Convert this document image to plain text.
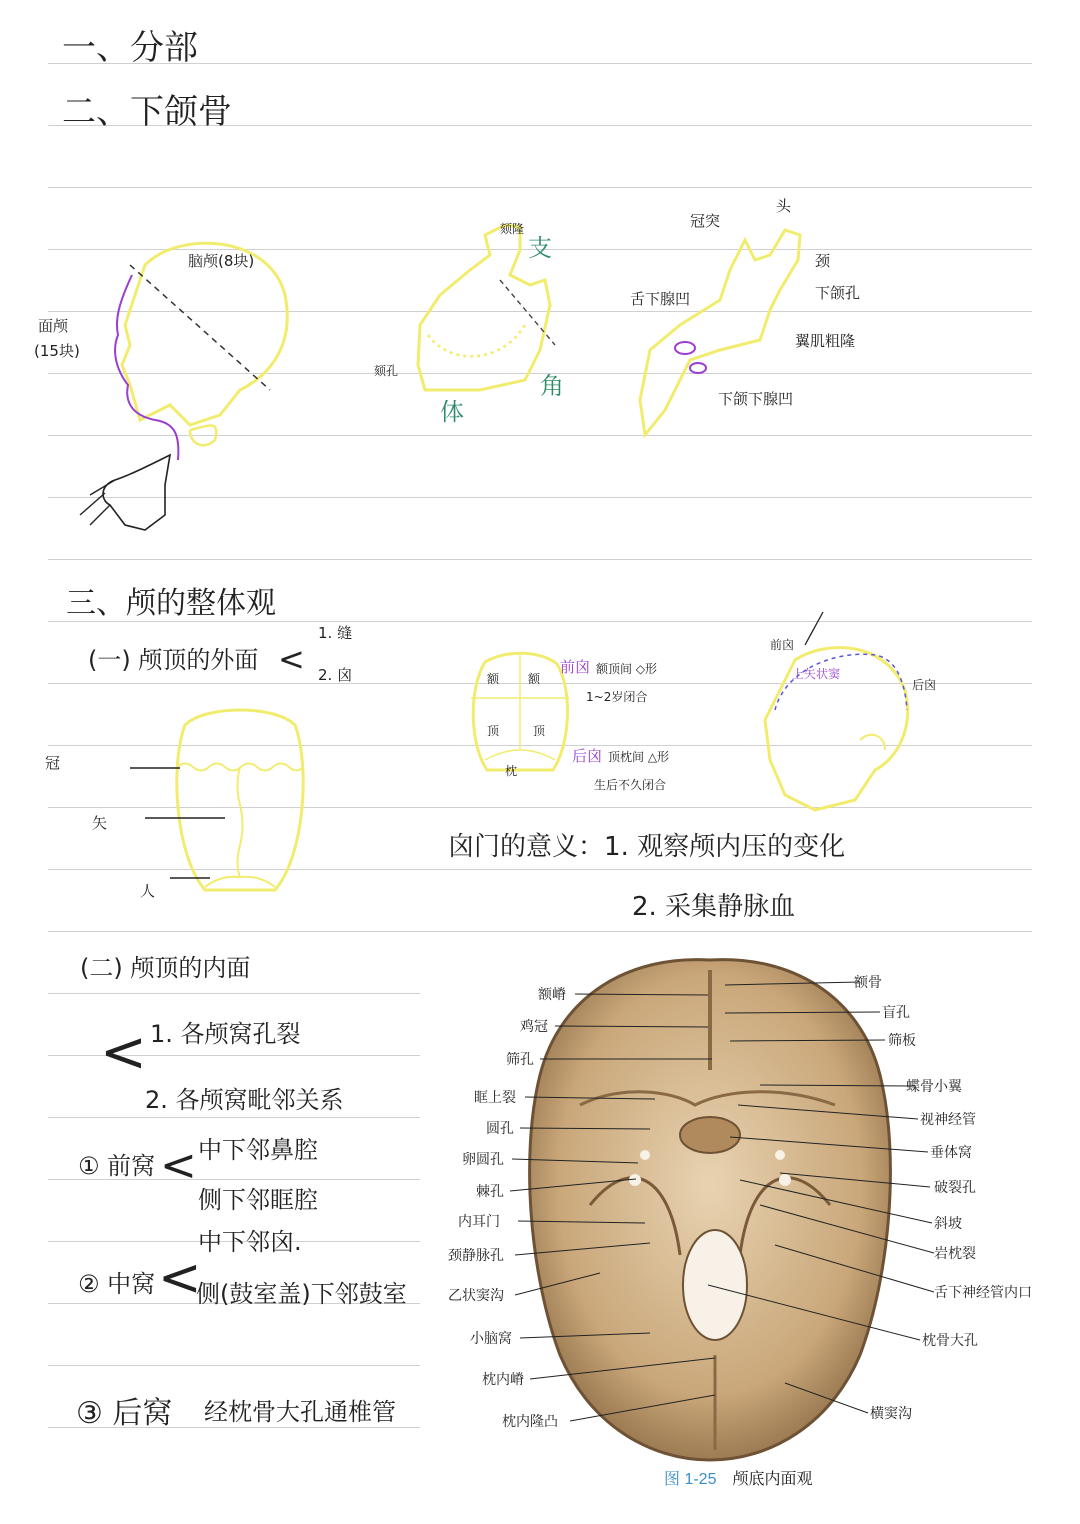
一、分部
二、下颌骨
脑颅(8块)
面颅
(15块)
颏隆
支
体
角
颏孔
冠突
头
颈
下颌孔
舌下腺凹
翼肌粗隆
下颌下腺凹
三、颅的整体观
(一) 颅顶的外面 <
1. 缝
2. 囟
冠
矢
人
额 额
顶	顶
枕
前囟 额顶间 ◇形
1~2岁闭合
后囟 顶枕间 △形
生后不久闭合
前囟
上矢状窦
后囟
囟门的意义：1. 观察颅内压的变化
2. 采集静脉血
(二) 颅顶的内面
< 1. 各颅窝孔裂
2. 各颅窝毗邻关系
① 前窝 < 中下邻鼻腔
侧下邻眶腔
② 中窝 <
中下邻囟.
侧(鼓室盖)下邻鼓室
③ 后窝 经枕骨大孔通椎管
额嵴
鸡冠
筛孔
眶上裂
圆孔
卵圆孔
棘孔
内耳门
颈静脉孔
乙状窦沟
小脑窝
枕内嵴
枕内隆凸
额骨
盲孔
筛板
蝶骨小翼
视神经管
垂体窝
破裂孔
斜坡
岩枕裂
舌下神经管内口
枕骨大孔
横窦沟
图 1-25 颅底内面观
